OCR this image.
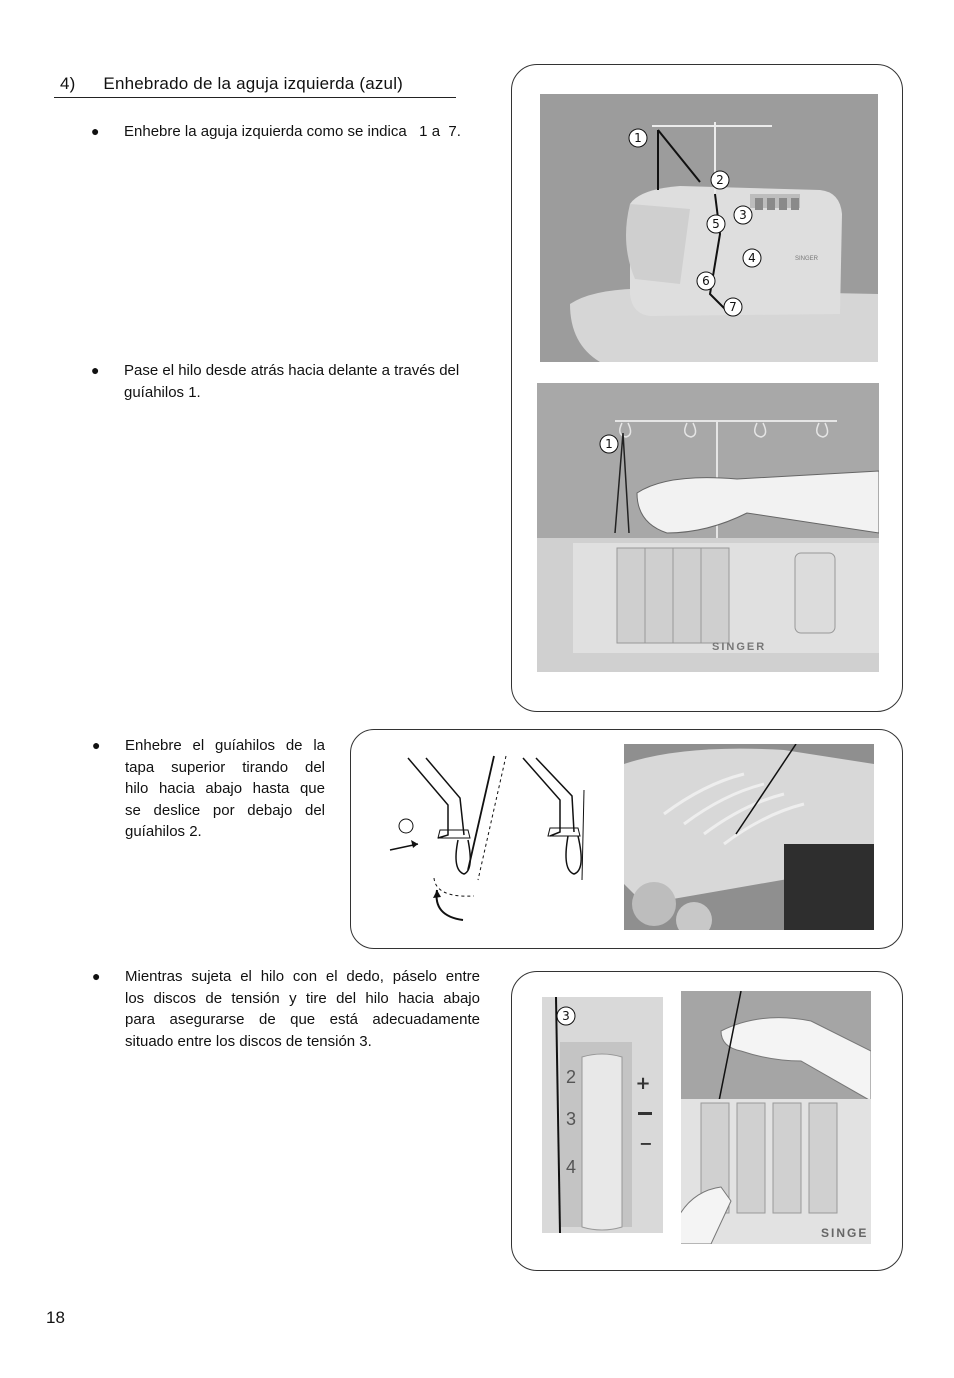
4) Enhebrado de la aguja izquierda (azul)
● Enhebre la aguja izquierda como se indica   1 a  7.
● Pase el hilo desde atrás hacia delante a través del
guíahilos 1.
● Enhebre el guíahilos de la
tapa superior tirando del
hilo hacia abajo hasta que
se deslice por debajo del
guíahilos 2.
● Mientras sujeta el hilo con el dedo, páselo entre
los discos de tensión y tire del hilo hacia abajo
para asegurarse de que está adecuadamente
situado entre los discos de tensión 3.
SINGER
1
2
3
5
4
6
7
SINGER
1
2
3
4
+
−
3
SINGE
18
